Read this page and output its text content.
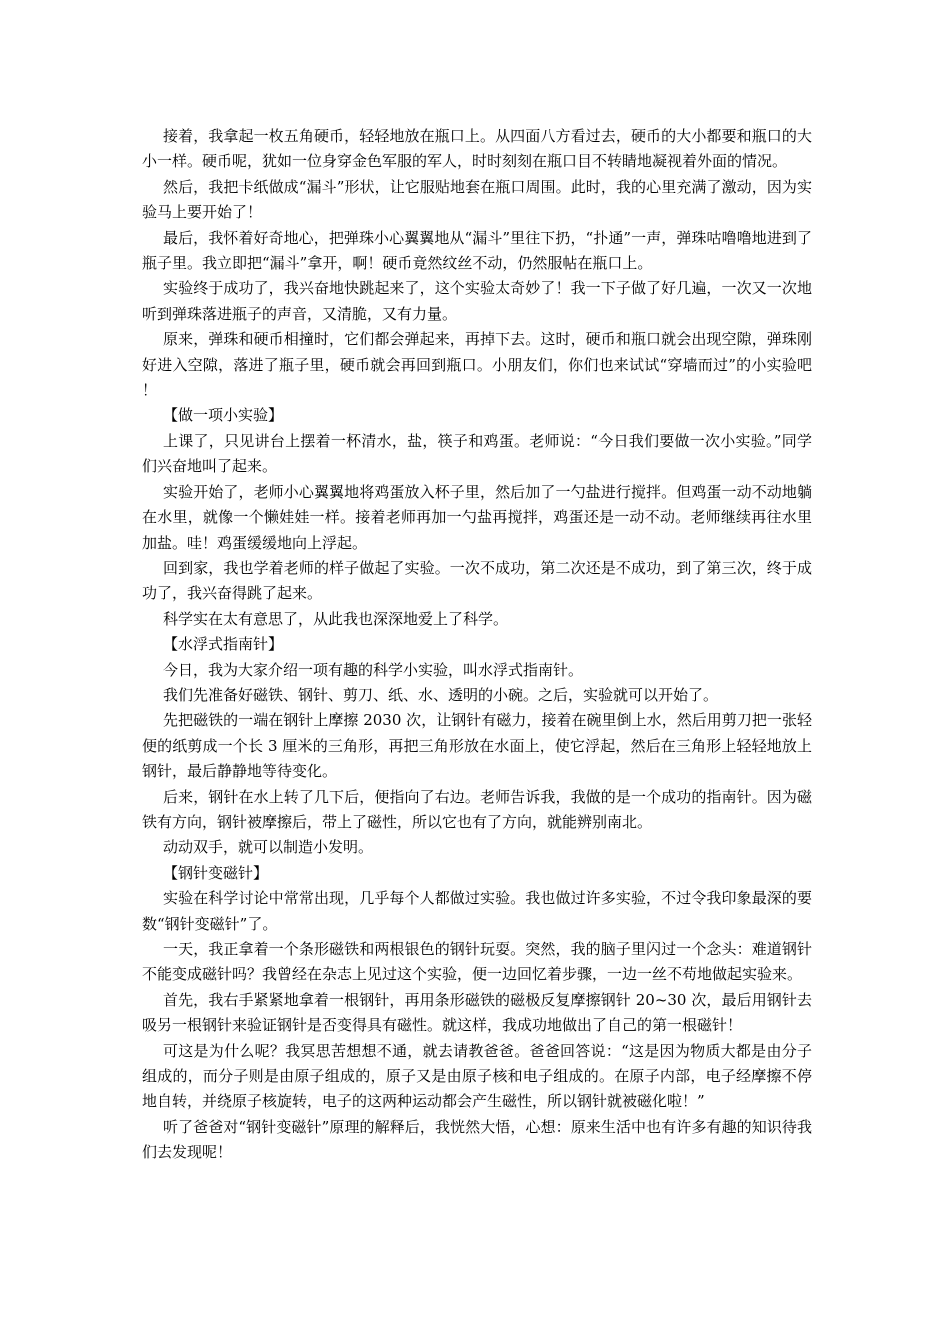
接着，我拿起一枚五角硬币，轻轻地放在瓶口上。从四面八方看过去，硬币的大小都要和瓶口的大小一样。硬币呢，犹如一位身穿金色军服的军人，时时刻刻在瓶口目不转睛地凝视着外面的情况。

然后，我把卡纸做成“漏斗”形状，让它服贴地套在瓶口周围。此时，我的心里充满了激动，因为实验马上要开始了！

最后，我怀着好奇地心，把弹珠小心翼翼地从“漏斗”里往下扔，“扑通”一声，弹珠咕噜噜地进到了瓶子里。我立即把“漏斗”拿开，啊！硬币竟然纹丝不动，仍然服帖在瓶口上。

实验终于成功了，我兴奋地快跳起来了，这个实验太奇妙了！我一下子做了好几遍，一次又一次地听到弹珠落进瓶子的声音，又清脆，又有力量。

原来，弹珠和硬币相撞时，它们都会弹起来，再掉下去。这时，硬币和瓶口就会出现空隙，弹珠刚好进入空隙，落进了瓶子里，硬币就会再回到瓶口。小朋友们，你们也来试试“穿墙而过”的小实验吧 ！

【做一项小实验】

上课了，只见讲台上摆着一杯清水，盐，筷子和鸡蛋。老师说：“今日我们要做一次小实验。”同学们兴奋地叫了起来。

实验开始了，老师小心翼翼地将鸡蛋放入杯子里，然后加了一勺盐进行搅拌。但鸡蛋一动不动地躺在水里，就像一个懒娃娃一样。接着老师再加一勺盐再搅拌，鸡蛋还是一动不动。老师继续再往水里加盐。哇！鸡蛋缓缓地向上浮起。

回到家，我也学着老师的样子做起了实验。一次不成功，第二次还是不成功，到了第三次，终于成功了，我兴奋得跳了起来。

科学实在太有意思了，从此我也深深地爱上了科学。

【水浮式指南针】

今日，我为大家介绍一项有趣的科学小实验，叫水浮式指南针。

我们先准备好磁铁、钢针、剪刀、纸、水、透明的小碗。之后，实验就可以开始了。

先把磁铁的一端在钢针上摩擦 2030 次，让钢针有磁力，接着在碗里倒上水，然后用剪刀把一张轻便的纸剪成一个长 3 厘米的三角形，再把三角形放在水面上，使它浮起，然后在三角形上轻轻地放上钢针，最后静静地等待变化。

后来，钢针在水上转了几下后，便指向了右边。老师告诉我，我做的是一个成功的指南针。因为磁铁有方向，钢针被摩擦后，带上了磁性，所以它也有了方向，就能辨别南北。

动动双手，就可以制造小发明。

【钢针变磁针】

实验在科学讨论中常常出现，几乎每个人都做过实验。我也做过许多实验，不过令我印象最深的要数“钢针变磁针”了。

一天，我正拿着一个条形磁铁和两根银色的钢针玩耍。突然，我的脑子里闪过一个念头：难道钢针不能变成磁针吗？我曾经在杂志上见过这个实验，便一边回忆着步骤，一边一丝不苟地做起实验来。

首先，我右手紧紧地拿着一根钢针，再用条形磁铁的磁极反复摩擦钢针 20~30 次，最后用钢针去吸另一根钢针来验证钢针是否变得具有磁性。就这样，我成功地做出了自己的第一根磁针！

可这是为什么呢？我冥思苦想想不通，就去请教爸爸。爸爸回答说：“这是因为物质大都是由分子组成的，而分子则是由原子组成的，原子又是由原子核和电子组成的。在原子内部，电子经摩擦不停地自转，并绕原子核旋转，电子的这两种运动都会产生磁性，所以钢针就被磁化啦！”

听了爸爸对“钢针变磁针”原理的解释后，我恍然大悟，心想：原来生活中也有许多有趣的知识待我们去发现呢！
